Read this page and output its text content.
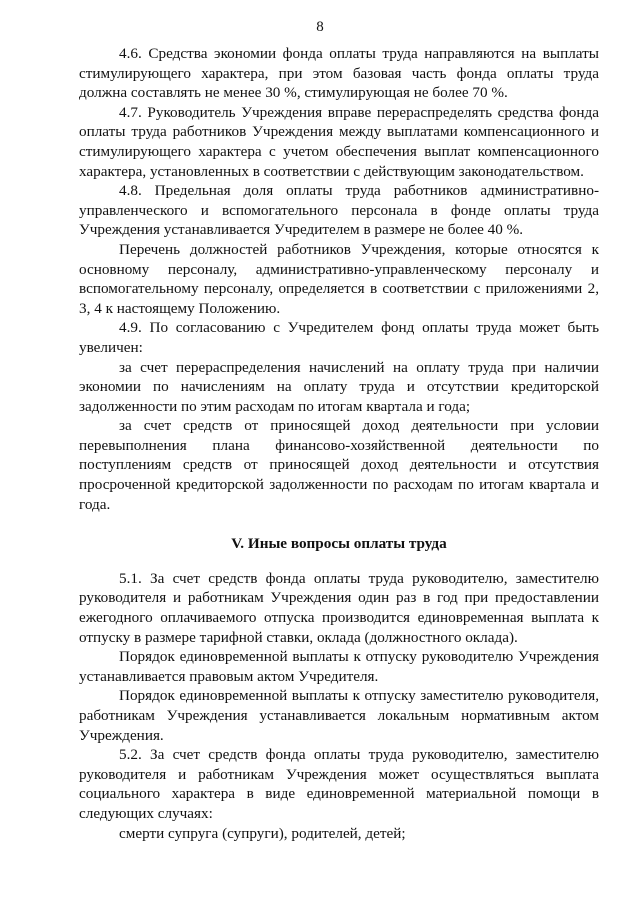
8

4.6. Средства экономии фонда оплаты труда направляются на выплаты стимулирующего характера, при этом базовая часть фонда оплаты труда должна составлять не менее 30 %, стимулирующая не более 70 %.

4.7. Руководитель Учреждения вправе перераспределять средства фонда оплаты труда работников Учреждения между выплатами компенсационного и стимулирующего характера с учетом обеспечения выплат компенсационного характера, установленных в соответствии с действующим законодательством.

4.8. Предельная доля оплаты труда работников административно-управленческого и вспомогательного персонала в фонде оплаты труда Учреждения устанавливается Учредителем в размере не более 40 %.

Перечень должностей работников Учреждения, которые относятся к основному персоналу, административно-управленческому персоналу и вспомогательному персоналу, определяется в соответствии с приложениями 2, 3, 4 к настоящему Положению.

4.9. По согласованию с Учредителем фонд оплаты труда может быть увеличен:

за счет перераспределения начислений на оплату труда при наличии экономии по начислениям на оплату труда и отсутствии кредиторской задолженности по этим расходам по итогам квартала и года;

за счет средств от приносящей доход деятельности при условии перевыполнения плана финансово-хозяйственной деятельности по поступлениям средств от приносящей доход деятельности и отсутствия просроченной кредиторской задолженности по расходам по итогам квартала и года.

V. Иные вопросы оплаты труда

5.1. За счет средств фонда оплаты труда руководителю, заместителю руководителя и работникам Учреждения один раз в год при предоставлении ежегодного оплачиваемого отпуска производится единовременная выплата к отпуску в размере тарифной ставки, оклада (должностного оклада).

Порядок единовременной выплаты к отпуску руководителю Учреждения устанавливается правовым актом Учредителя.

Порядок единовременной выплаты к отпуску заместителю руководителя, работникам Учреждения устанавливается локальным нормативным актом Учреждения.

5.2. За счет средств фонда оплаты труда руководителю, заместителю руководителя и работникам Учреждения может осуществляться выплата социального характера в виде единовременной материальной помощи в следующих случаях:

смерти супруга (супруги), родителей, детей;
